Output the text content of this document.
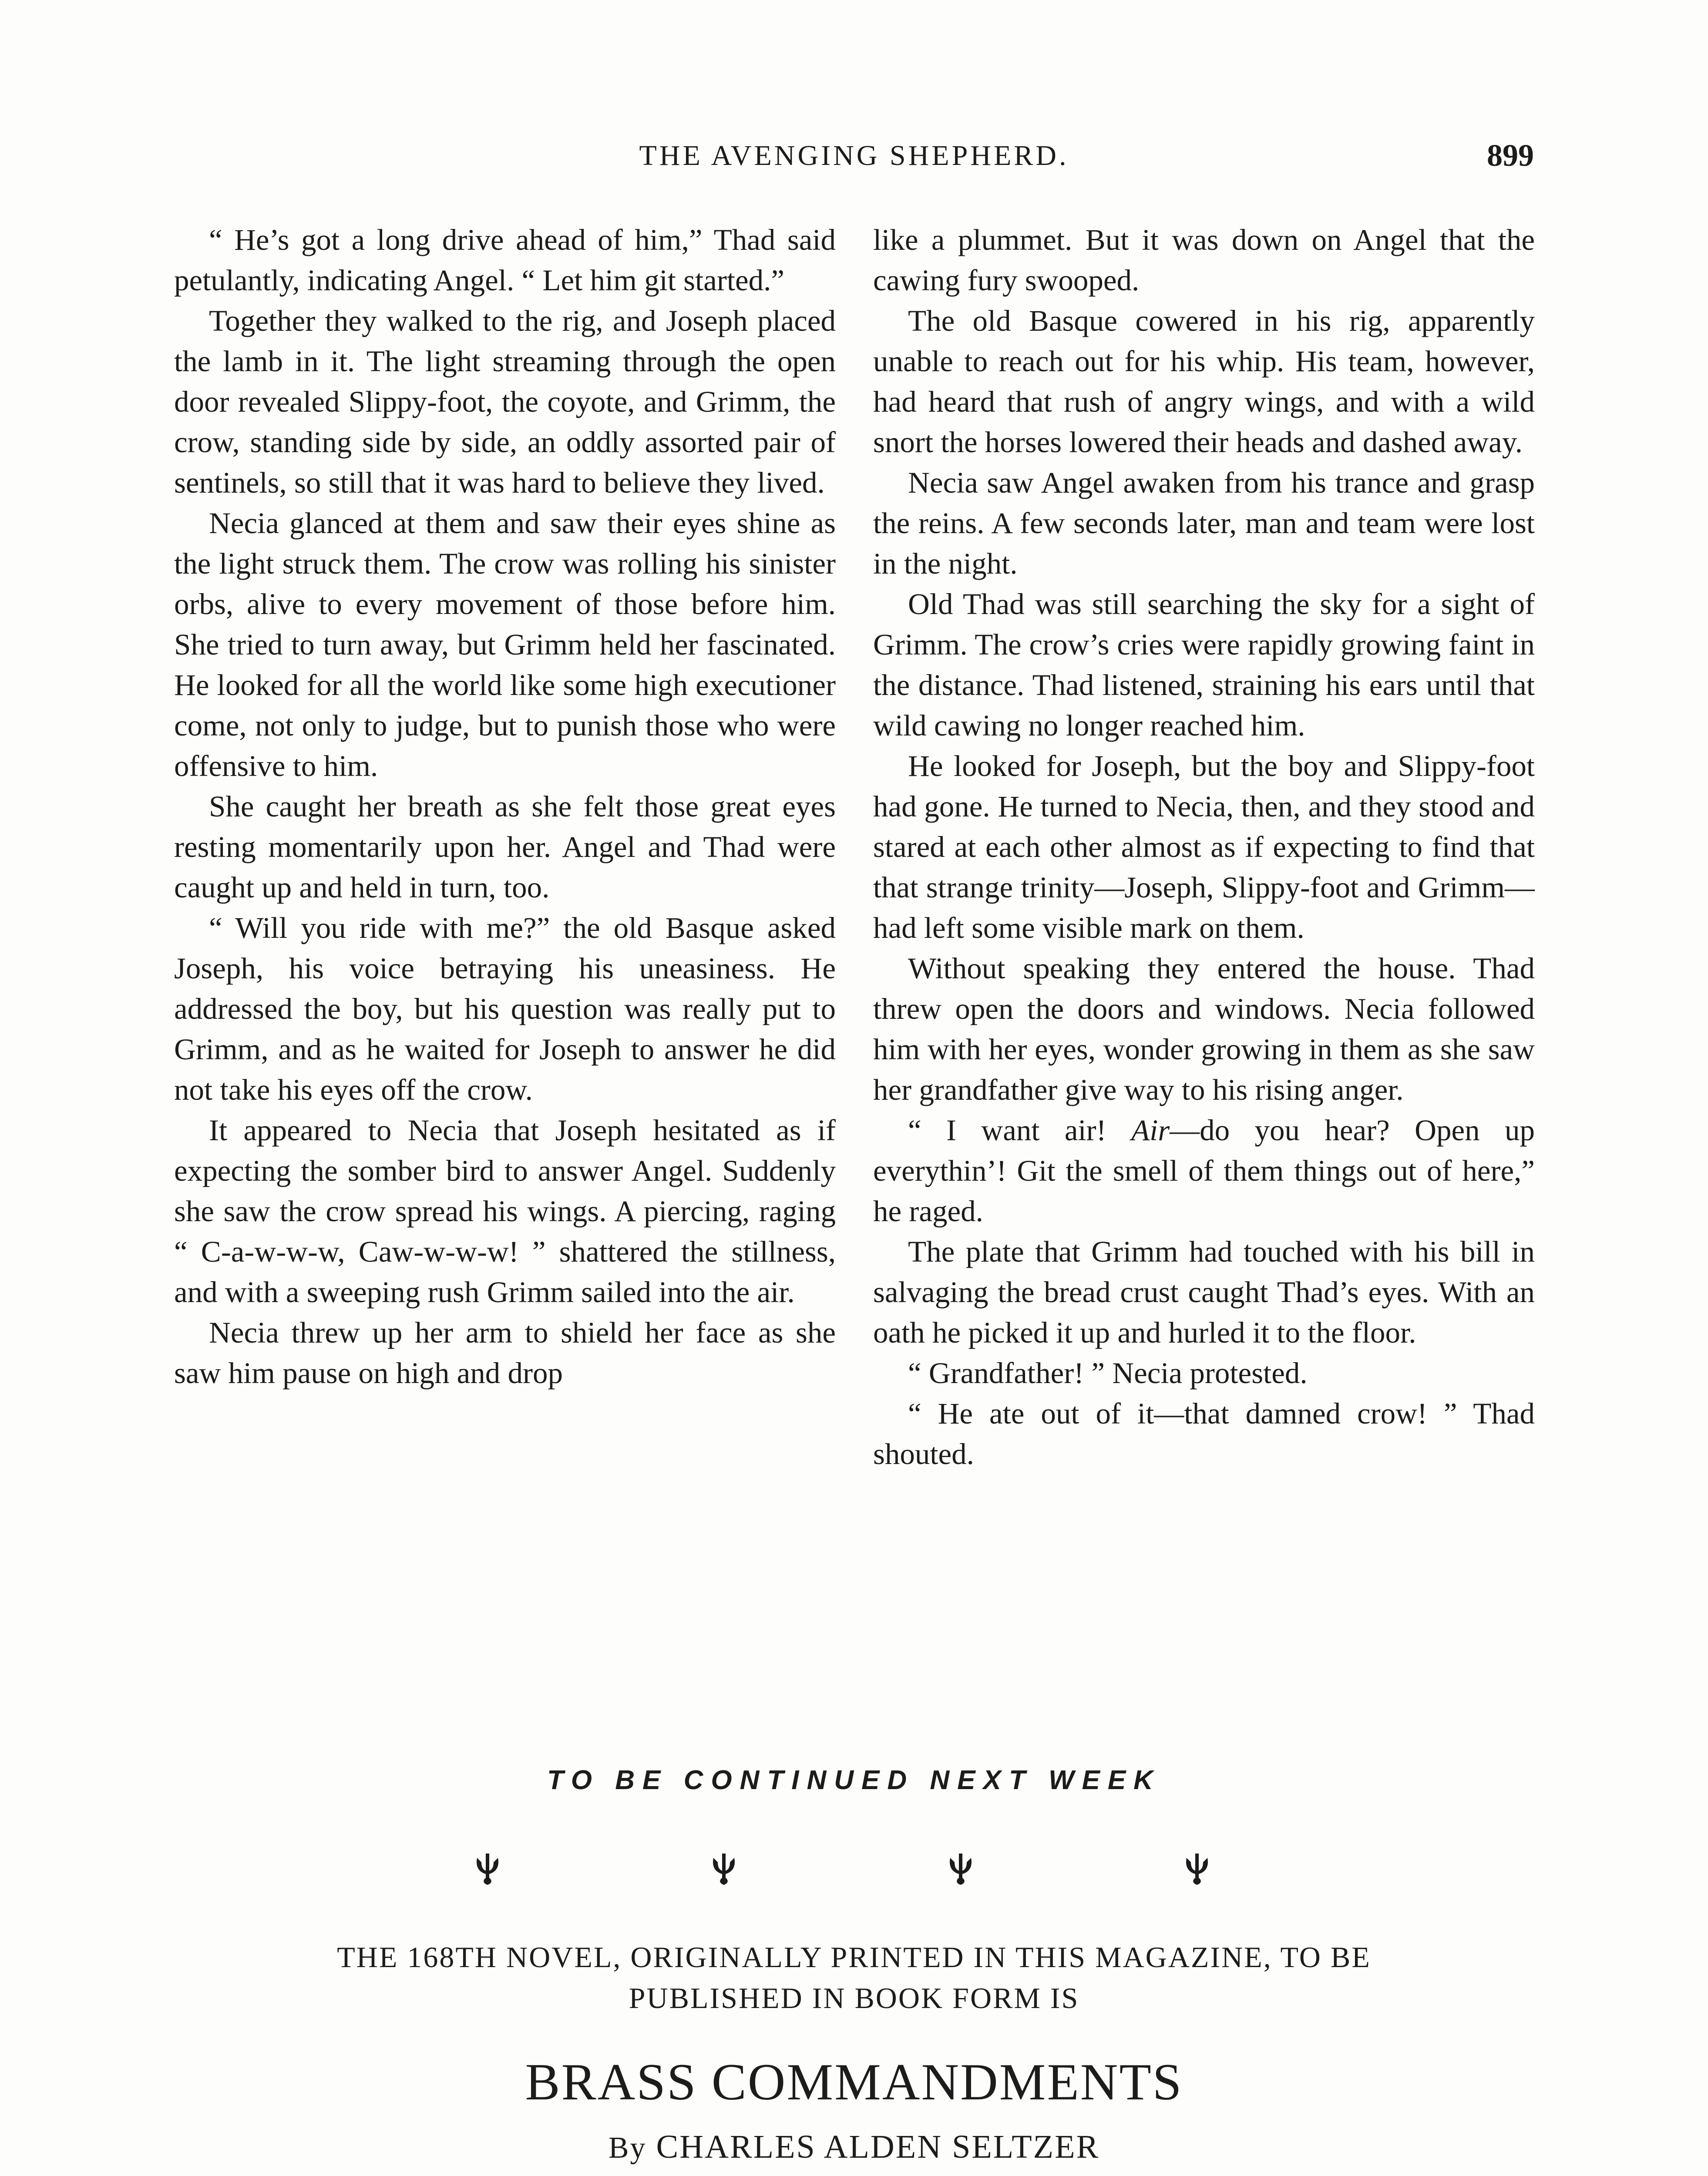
THE AVENGING SHEPHERD.	899

“ He’s got a long drive ahead of him,” Thad said petulantly, indicating Angel. “ Let him git started.”

Together they walked to the rig, and Joseph placed the lamb in it. The light streaming through the open door revealed Slippy-foot, the coyote, and Grimm, the crow, standing side by side, an oddly assorted pair of sentinels, so still that it was hard to believe they lived.

Necia glanced at them and saw their eyes shine as the light struck them. The crow was rolling his sinister orbs, alive to every movement of those before him. She tried to turn away, but Grimm held her fascinated. He looked for all the world like some high executioner come, not only to judge, but to punish those who were offensive to him.

She caught her breath as she felt those great eyes resting momentarily upon her. Angel and Thad were caught up and held in turn, too.

“ Will you ride with me?” the old Basque asked Joseph, his voice betraying his uneasiness. He addressed the boy, but his question was really put to Grimm, and as he waited for Joseph to answer he did not take his eyes off the crow.

It appeared to Necia that Joseph hesitated as if expecting the somber bird to answer Angel. Suddenly she saw the crow spread his wings. A piercing, raging “ C-a-w-w-w, Caw-w-w-w! ” shattered the stillness, and with a sweeping rush Grimm sailed into the air.

Necia threw up her arm to shield her face as she saw him pause on high and drop

like a plummet. But it was down on Angel that the cawing fury swooped.

The old Basque cowered in his rig, apparently unable to reach out for his whip. His team, however, had heard that rush of angry wings, and with a wild snort the horses lowered their heads and dashed away.

Necia saw Angel awaken from his trance and grasp the reins. A few seconds later, man and team were lost in the night.

Old Thad was still searching the sky for a sight of Grimm. The crow’s cries were rapidly growing faint in the distance. Thad listened, straining his ears until that wild cawing no longer reached him.

He looked for Joseph, but the boy and Slippy-foot had gone. He turned to Necia, then, and they stood and stared at each other almost as if expecting to find that that strange trinity—Joseph, Slippy-foot and Grimm—had left some visible mark on them.

Without speaking they entered the house. Thad threw open the doors and windows. Necia followed him with her eyes, wonder growing in them as she saw her grandfather give way to his rising anger.

“ I want air! Air—do you hear? Open up everythin’! Git the smell of them things out of here,” he raged.

The plate that Grimm had touched with his bill in salvaging the bread crust caught Thad’s eyes. With an oath he picked it up and hurled it to the floor.

“ Grandfather! ” Necia protested.

“ He ate out of it—that damned crow! ” Thad shouted.

TO BE CONTINUED NEXT WEEK
THE 168TH NOVEL, ORIGINALLY PRINTED IN THIS MAGAZINE, TO BE
PUBLISHED IN BOOK FORM IS
BRASS COMMANDMENTS
By CHARLES ALDEN SELTZER
